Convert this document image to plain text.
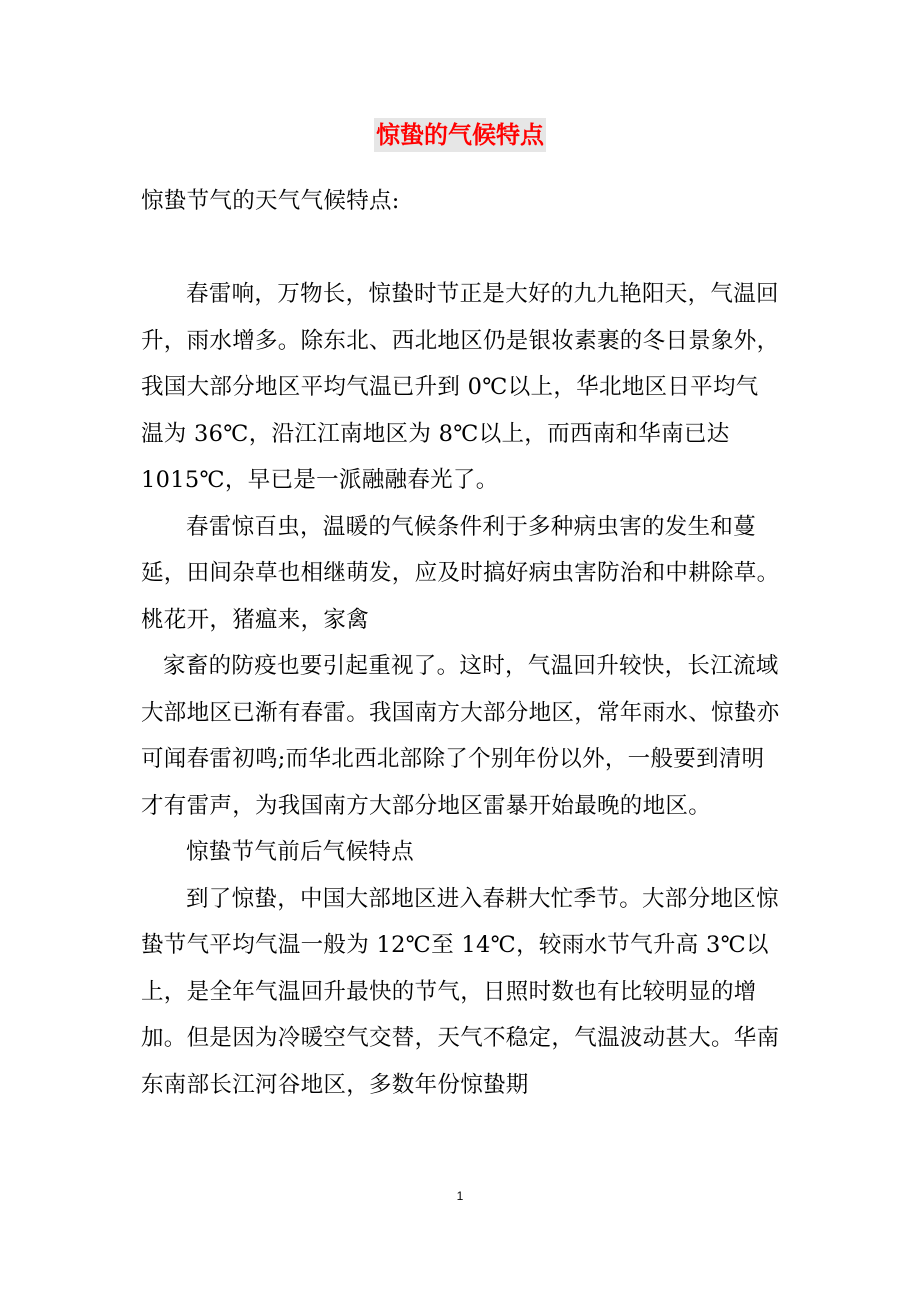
惊蛰的气候特点

惊蛰节气的天气气候特点:

春雷响，万物长，惊蛰时节正是大好的九九艳阳天，气温回升，雨水增多。除东北、西北地区仍是银妆素裹的冬日景象外，我国大部分地区平均气温已升到 0℃以上，华北地区日平均气温为 36℃，沿江江南地区为 8℃以上，而西南和华南已达 1015℃，早已是一派融融春光了。

春雷惊百虫，温暖的气候条件利于多种病虫害的发生和蔓延，田间杂草也相继萌发，应及时搞好病虫害防治和中耕除草。桃花开，猪瘟来，家禽

家畜的防疫也要引起重视了。这时，气温回升较快，长江流域大部地区已渐有春雷。我国南方大部分地区，常年雨水、惊蛰亦可闻春雷初鸣;而华北西北部除了个别年份以外，一般要到清明才有雷声，为我国南方大部分地区雷暴开始最晚的地区。

惊蛰节气前后气候特点

到了惊蛰，中国大部地区进入春耕大忙季节。大部分地区惊蛰节气平均气温一般为 12℃至 14℃，较雨水节气升高 3℃以上，是全年气温回升最快的节气，日照时数也有比较明显的增加。但是因为冷暖空气交替，天气不稳定，气温波动甚大。华南东南部长江河谷地区，多数年份惊蛰期

1
